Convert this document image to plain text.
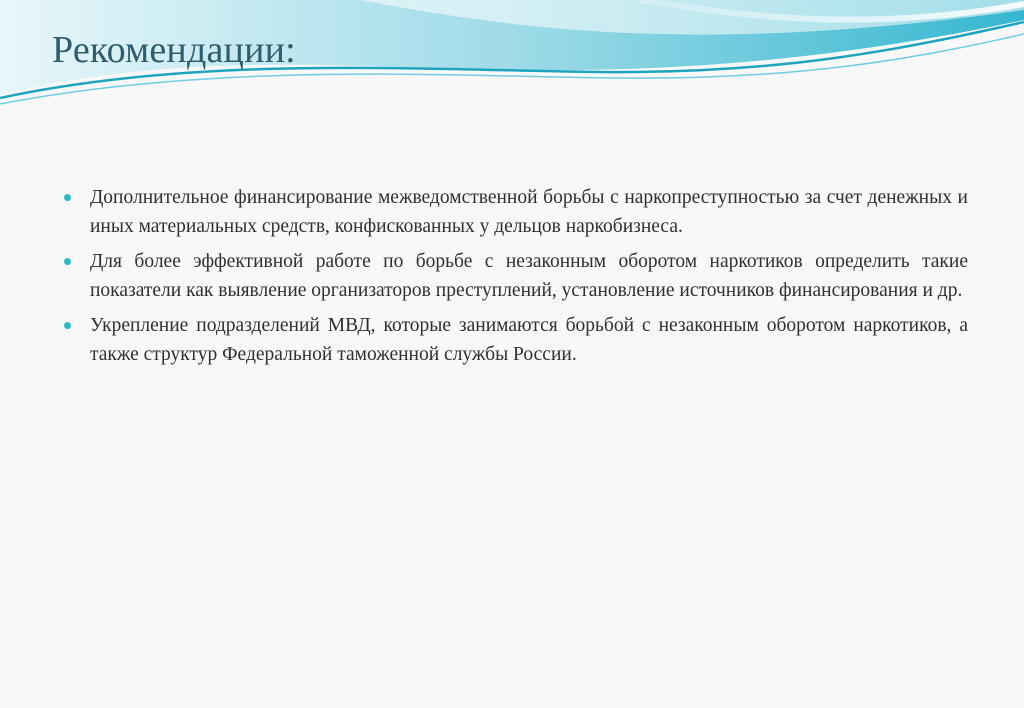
Рекомендации:
Дополнительное финансирование межведомственной борьбы с наркопреступностью за счет денежных и иных материальных средств, конфискованных у дельцов наркобизнеса.
Для более эффективной работе по борьбе с незаконным оборотом наркотиков определить такие показатели как выявление организаторов преступлений, установление источников финансирования и др.
Укрепление подразделений МВД, которые занимаются борьбой с незаконным оборотом наркотиков, а также структур Федеральной таможенной службы России.
